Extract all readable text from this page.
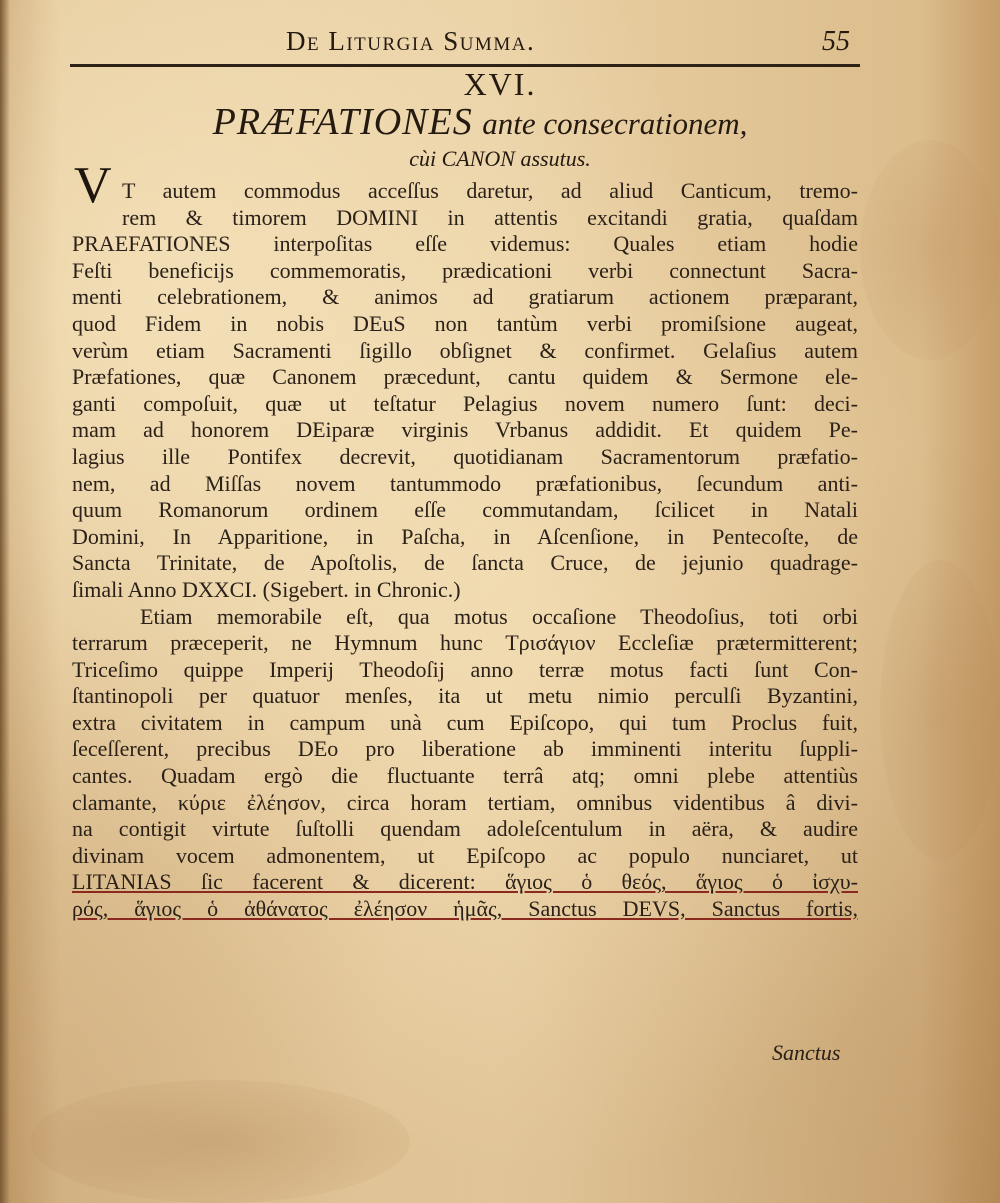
De Liturgia Summa.	55
XVI.
PRÆFATIONES ante consecrationem,
cùi CANON assutus.
V T autem commodus acceſſus daretur, ad aliud Canticum, tremo-
rem & timorem DOMINI in attentis excitandi gratia, quaſdam
PRAEFATIONES interpoſitas eſſe videmus: Quales etiam hodie
Feſti beneficijs commemoratis, prædicationi verbi connectunt Sacra-
menti celebrationem, & animos ad gratiarum actionem præparant,
quod Fidem in nobis DEuS non tantùm verbi promiſsione augeat,
verùm etiam Sacramenti ſigillo obſignet & confirmet. Gelaſius autem
Præfationes, quæ Canonem præcedunt, cantu quidem & Sermone ele-
ganti compoſuit, quæ ut teſtatur Pelagius novem numero ſunt: deci-
mam ad honorem DEiparæ virginis Vrbanus addidit. Et quidem Pe-
lagius ille Pontifex decrevit, quotidianam Sacramentorum præfatio-
nem, ad Miſſas novem tantummodo præfationibus, ſecundum anti-
quum Romanorum ordinem eſſe commutandam, ſcilicet in Natali
Domini, In Apparitione, in Paſcha, in Aſcenſione, in Pentecoſte, de
Sancta Trinitate, de Apoſtolis, de ſancta Cruce, de jejunio quadrage-
ſimali Anno DXXCI. (Sigebert. in Chronic.)
Etiam memorabile eſt, qua motus occaſione Theodoſius, toti orbi
terrarum præceperit, ne Hymnum hunc Τρισάγιον Eccleſiæ prætermitterent;
Triceſimo quippe Imperij Theodoſij anno terræ motus facti ſunt Con-
ſtantinopoli per quatuor menſes, ita ut metu nimio perculſi Byzantini,
extra civitatem in campum unà cum Epiſcopo, qui tum Proclus fuit,
ſeceſſerent, precibus DEo pro liberatione ab imminenti interitu ſuppli-
cantes. Quadam ergò die fluctuante terrâ atq; omni plebe attentiùs
clamante, κύριε ἐλέησον, circa horam tertiam, omnibus videntibus â divi-
na contigit virtute ſuſtolli quendam adoleſcentulum in aëra, & audire
divinam vocem admonentem, ut Epiſcopo ac populo nunciaret, ut
LITANIAS ſic facerent & dicerent: ἅγιος ὁ θεός, ἅγιος ὁ ἰσχυ-
ρός, ἅγιος ὁ ἀθάνατος ἐλέησον ἡμᾶς, Sanctus DEVS, Sanctus fortis,
Sanctus
